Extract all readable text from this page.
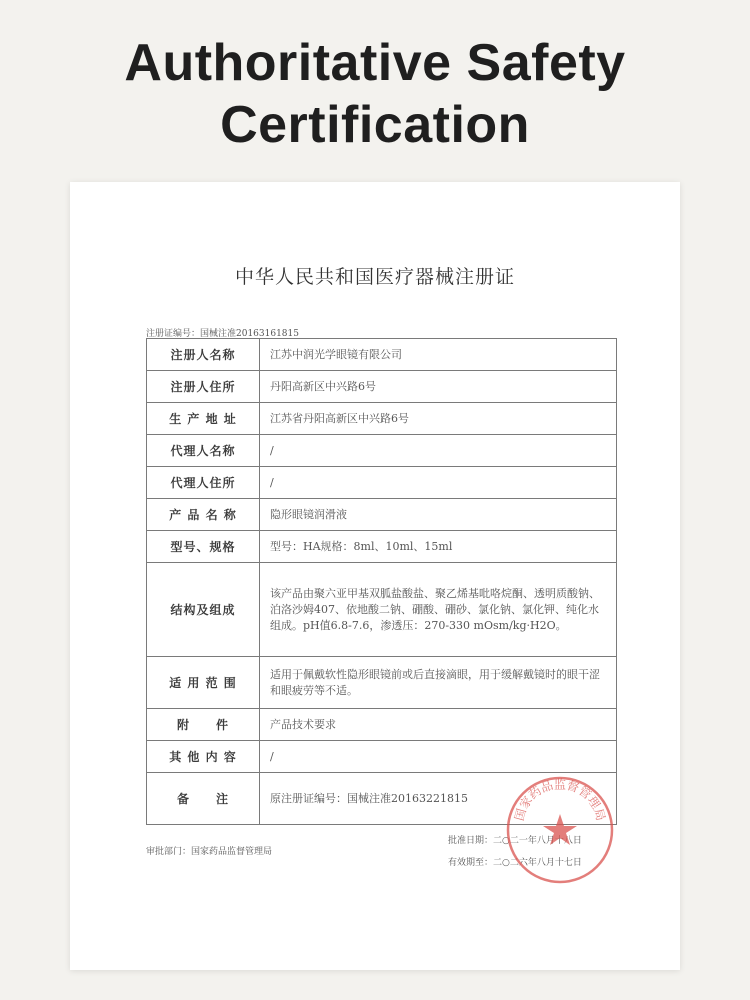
Authoritative Safety
Certification
中华人民共和国医疗器械注册证
注册证编号：国械注准20163161815
注册人名称	江苏中润光学眼镜有限公司
注册人住所	丹阳高新区中兴路6号
生 产 地 址	江苏省丹阳高新区中兴路6号
代理人名称	/
代理人住所	/
产 品 名 称	隐形眼镜润滑液
型号、规格	型号：HA规格：8ml、10ml、15ml
结构及组成	该产品由聚六亚甲基双胍盐酸盐、聚乙烯基吡咯烷酮、透明质酸钠、泊洛沙姆407、依地酸二钠、硼酸、硼砂、氯化钠、氯化钾、纯化水组成。pH值6.8-7.6，渗透压：270-330 mOsm/kg·H2O。
适 用 范 围	适用于佩戴软性隐形眼镜前或后直接滴眼，用于缓解戴镜时的眼干涩和眼疲劳等不适。
附　　件	产品技术要求
其 他 内 容	/
备　　注	原注册证编号：国械注准20163221815
审批部门：国家药品监督管理局
批准日期：二○二一年八月十八日
有效期至：二○二六年八月十七日
国家药品监督管理局
